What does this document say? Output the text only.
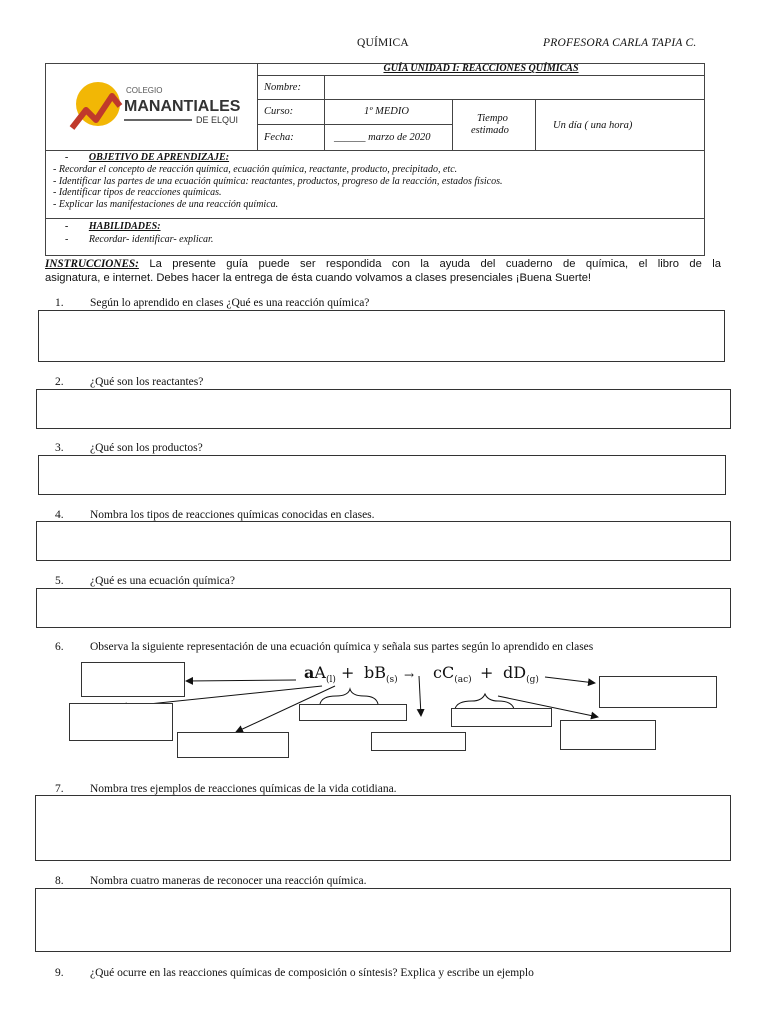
QUÍMICA	PROFESORA CARLA TAPIA C.
COLEGIO
MANANTIALES
DE ELQUI
GUÍA UNIDAD I: REACCIONES QUÍMICAS
Nombre:
Curso:	1º MEDIO
Fecha:	______ marzo de 2020
Tiempo
estimado	Un día ( una hora)
- OBJETIVO DE APRENDIZAJE:
- Recordar el concepto de reacción química, ecuación química, reactante, producto, precipitado, etc.
- Identificar las partes de una ecuación química: reactantes, productos, progreso de la reacción, estados físicos.
- Identificar tipos de reacciones químicas.
- Explicar las manifestaciones de una reacción química.
- HABILIDADES:
- Recordar- identificar- explicar.
INSTRUCCIONES: La presente guía puede ser respondida con la ayuda del cuaderno de química, el libro de la
asignatura, e internet. Debes hacer la entrega de ésta cuando volvamos a clases presenciales ¡Buena Suerte!
1. Según lo aprendido en clases ¿Qué es una reacción química?
2. ¿Qué son los reactantes?
3. ¿Qué son los productos?
4. Nombra los tipos de reacciones químicas conocidas en clases.
5. ¿Qué es una ecuación química?
6. Observa la siguiente representación de una ecuación química y señala sus partes según lo aprendido en clases
$aA_{(l)} + bB_{(s)} \to cC_{(ac)} + dD_{(g)}$
7. Nombra tres ejemplos de reacciones químicas de la vida cotidiana.
8. Nombra cuatro maneras de reconocer una reacción química.
9. ¿Qué ocurre en las reacciones químicas de composición o síntesis? Explica y escribe un ejemplo
